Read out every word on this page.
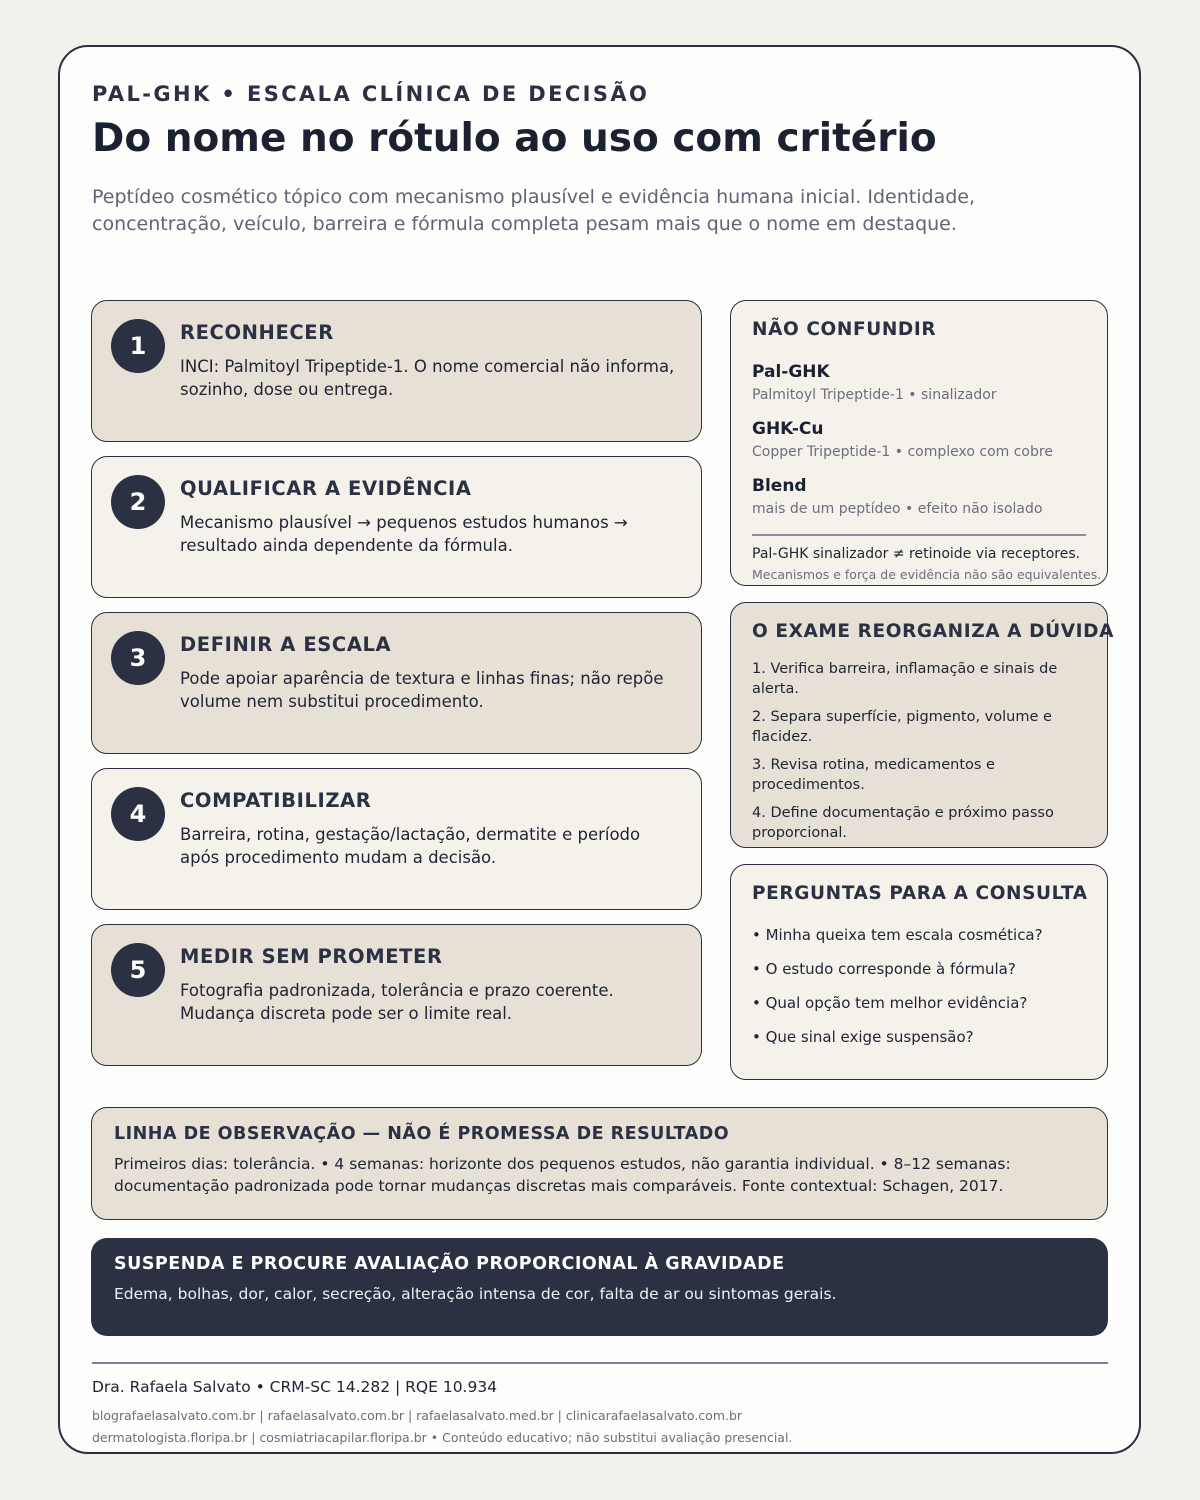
PAL-GHK • ESCALA CLÍNICA DE DECISÃO
Do nome no rótulo ao uso com critério
Peptídeo cosmético tópico com mecanismo plausível e evidência humana inicial. Identidade, concentração, veículo, barreira e fórmula completa pesam mais que o nome em destaque.
1	RECONHECER
INCI: Palmitoyl Tripeptide-1. O nome comercial não informa, sozinho, dose ou entrega.
2	QUALIFICAR A EVIDÊNCIA
Mecanismo plausível → pequenos estudos humanos → resultado ainda dependente da fórmula.
3	DEFINIR A ESCALA
Pode apoiar aparência de textura e linhas finas; não repõe volume nem substitui procedimento.
4	COMPATIBILIZAR
Barreira, rotina, gestação/lactação, dermatite e período após procedimento mudam a decisão.
5	MEDIR SEM PROMETER
Fotografia padronizada, tolerância e prazo coerente. Mudança discreta pode ser o limite real.
NÃO CONFUNDIR
Pal-GHK
Palmitoyl Tripeptide-1 • sinalizador
GHK-Cu
Copper Tripeptide-1 • complexo com cobre
Blend
mais de um peptídeo • efeito não isolado
Pal-GHK sinalizador ≠ retinoide via receptores.
Mecanismos e força de evidência não são equivalentes.
O EXAME REORGANIZA A DÚVIDA
1. Verifica barreira, inflamação e sinais de alerta.
2. Separa superfície, pigmento, volume e flacidez.
3. Revisa rotina, medicamentos e procedimentos.
4. Define documentação e próximo passo proporcional.
PERGUNTAS PARA A CONSULTA
• Minha queixa tem escala cosmética?
• O estudo corresponde à fórmula?
• Qual opção tem melhor evidência?
• Que sinal exige suspensão?
LINHA DE OBSERVAÇÃO — NÃO É PROMESSA DE RESULTADO
Primeiros dias: tolerância. • 4 semanas: horizonte dos pequenos estudos, não garantia individual. • 8–12 semanas: documentação padronizada pode tornar mudanças discretas mais comparáveis. Fonte contextual: Schagen, 2017.
SUSPENDA E PROCURE AVALIAÇÃO PROPORCIONAL À GRAVIDADE
Edema, bolhas, dor, calor, secreção, alteração intensa de cor, falta de ar ou sintomas gerais.
Dra. Rafaela Salvato • CRM-SC 14.282 | RQE 10.934
blografaelasalvato.com.br | rafaelasalvato.com.br | rafaelasalvato.med.br | clinicarafaelasalvato.com.br
dermatologista.floripa.br | cosmiatriacapilar.floripa.br • Conteúdo educativo; não substitui avaliação presencial.
